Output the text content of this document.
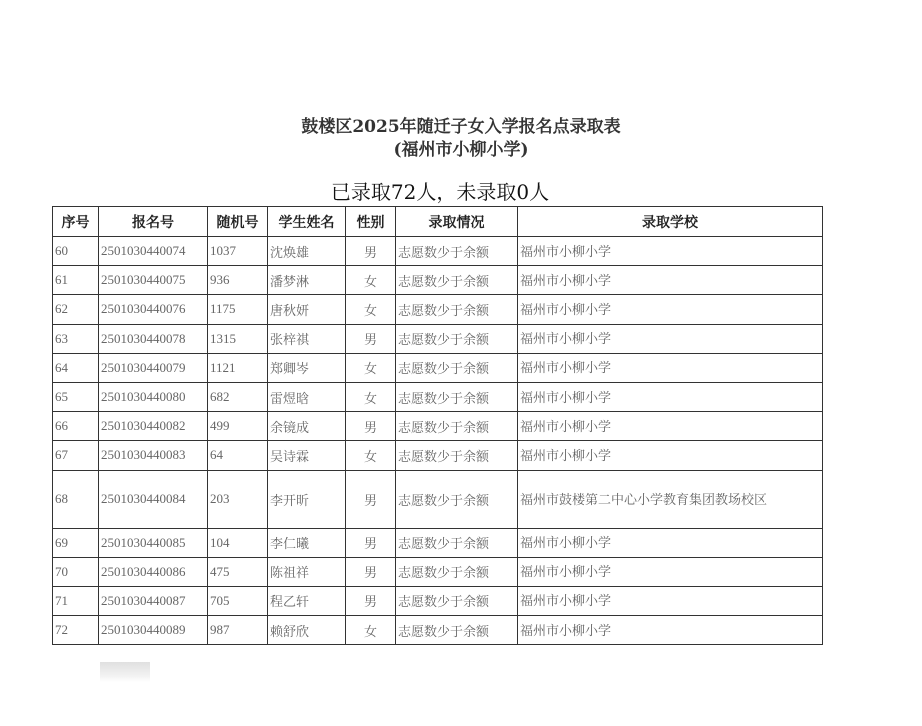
鼓楼区2025年随迁子女入学报名点录取表
(福州市小柳小学)
已录取72人，未录取0人
序号	报名号	随机号	学生姓名	性别	录取情况	录取学校
60	2501030440074	1037	沈焕雄	男	志愿数少于余额	福州市小柳小学
61	2501030440075	936	潘梦淋	女	志愿数少于余额	福州市小柳小学
62	2501030440076	1175	唐秋妍	女	志愿数少于余额	福州市小柳小学
63	2501030440078	1315	张梓祺	男	志愿数少于余额	福州市小柳小学
64	2501030440079	1121	郑卿岑	女	志愿数少于余额	福州市小柳小学
65	2501030440080	682	雷煜晗	女	志愿数少于余额	福州市小柳小学
66	2501030440082	499	余镜成	男	志愿数少于余额	福州市小柳小学
67	2501030440083	64	吴诗霖	女	志愿数少于余额	福州市小柳小学
68	2501030440084	203	李开昕	男	志愿数少于余额	福州市鼓楼第二中心小学教育集团教场校区
69	2501030440085	104	李仁曦	男	志愿数少于余额	福州市小柳小学
70	2501030440086	475	陈祖祥	男	志愿数少于余额	福州市小柳小学
71	2501030440087	705	程乙轩	男	志愿数少于余额	福州市小柳小学
72	2501030440089	987	赖舒欣	女	志愿数少于余额	福州市小柳小学
